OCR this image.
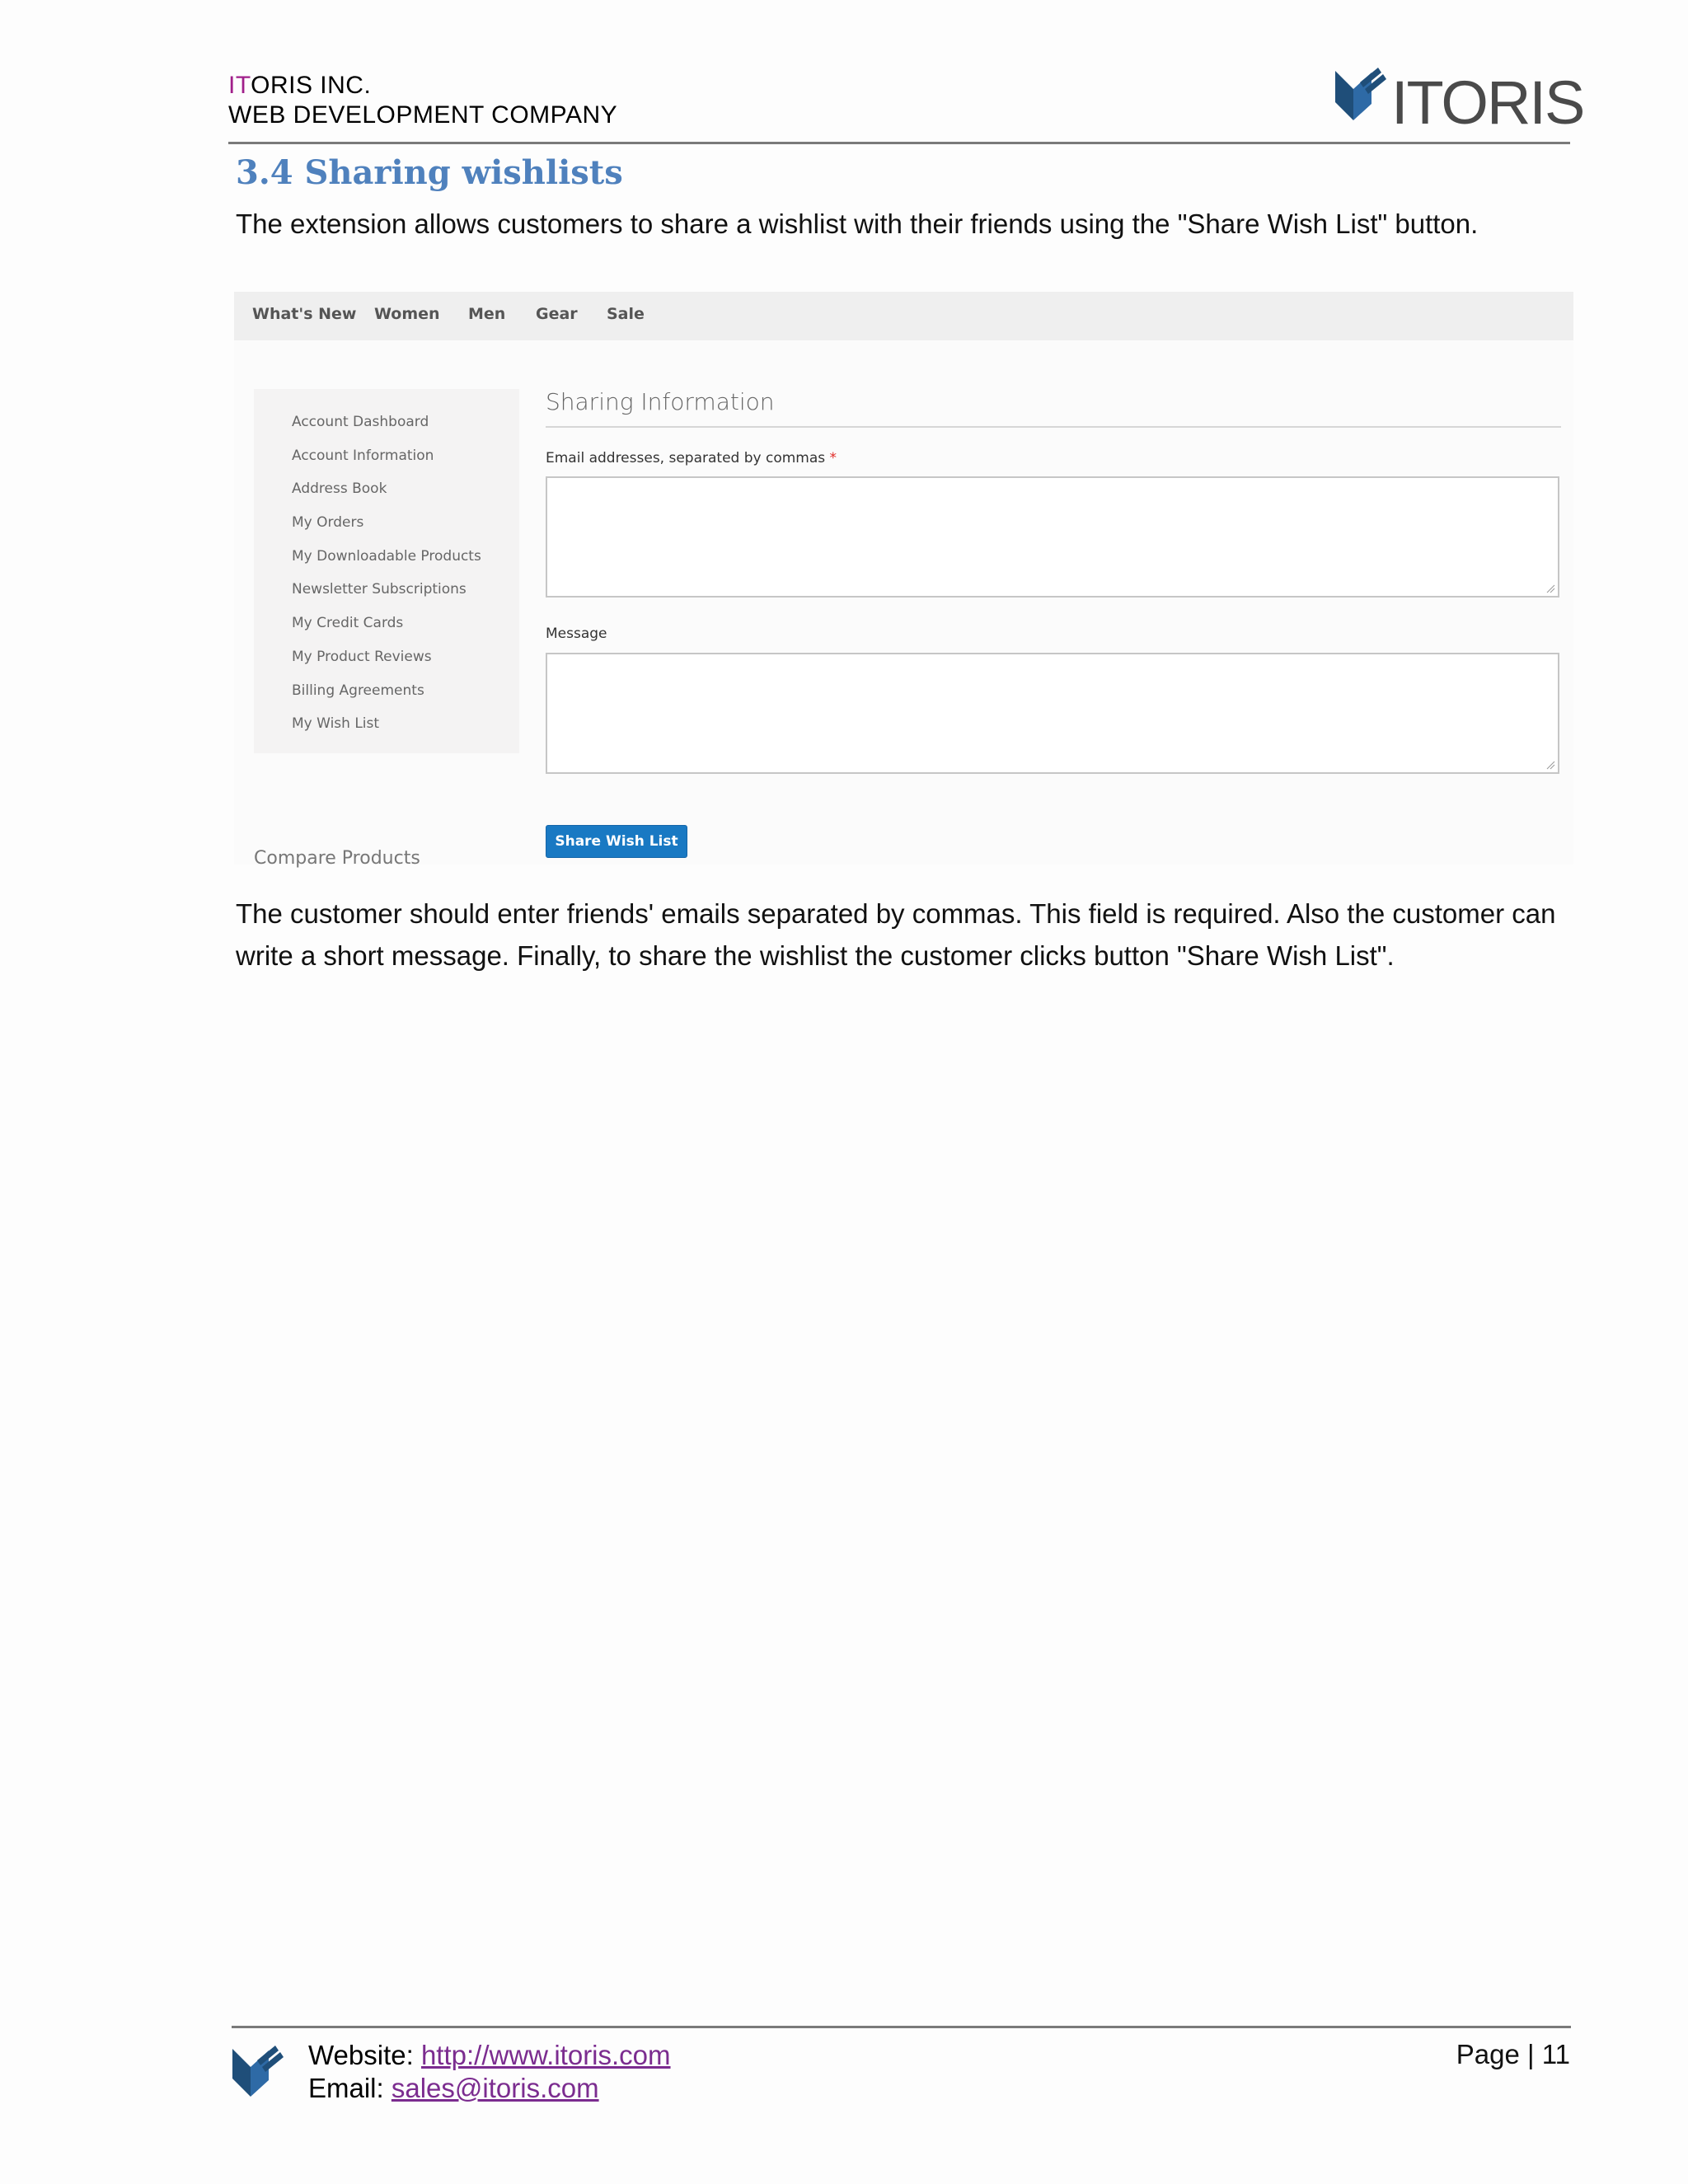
ITORIS INC.
WEB DEVELOPMENT COMPANY	ITORIS
3.4 Sharing wishlists
The extension allows customers to share a wishlist with their friends using the "Share Wish List" button.
What's New Women Men Gear Sale
Account Dashboard
Account Information
Address Book
My Orders
My Downloadable Products
Newsletter Subscriptions
My Credit Cards
My Product Reviews
Billing Agreements
My Wish List
Compare Products
Sharing Information
Email addresses, separated by commas *
Message
Share Wish List
The customer should enter friends' emails separated by commas. This field is required. Also the customer can write a short message. Finally, to share the wishlist the customer clicks button "Share Wish List".
Website: http://www.itoris.com
Email: sales@itoris.com
Page | 11
